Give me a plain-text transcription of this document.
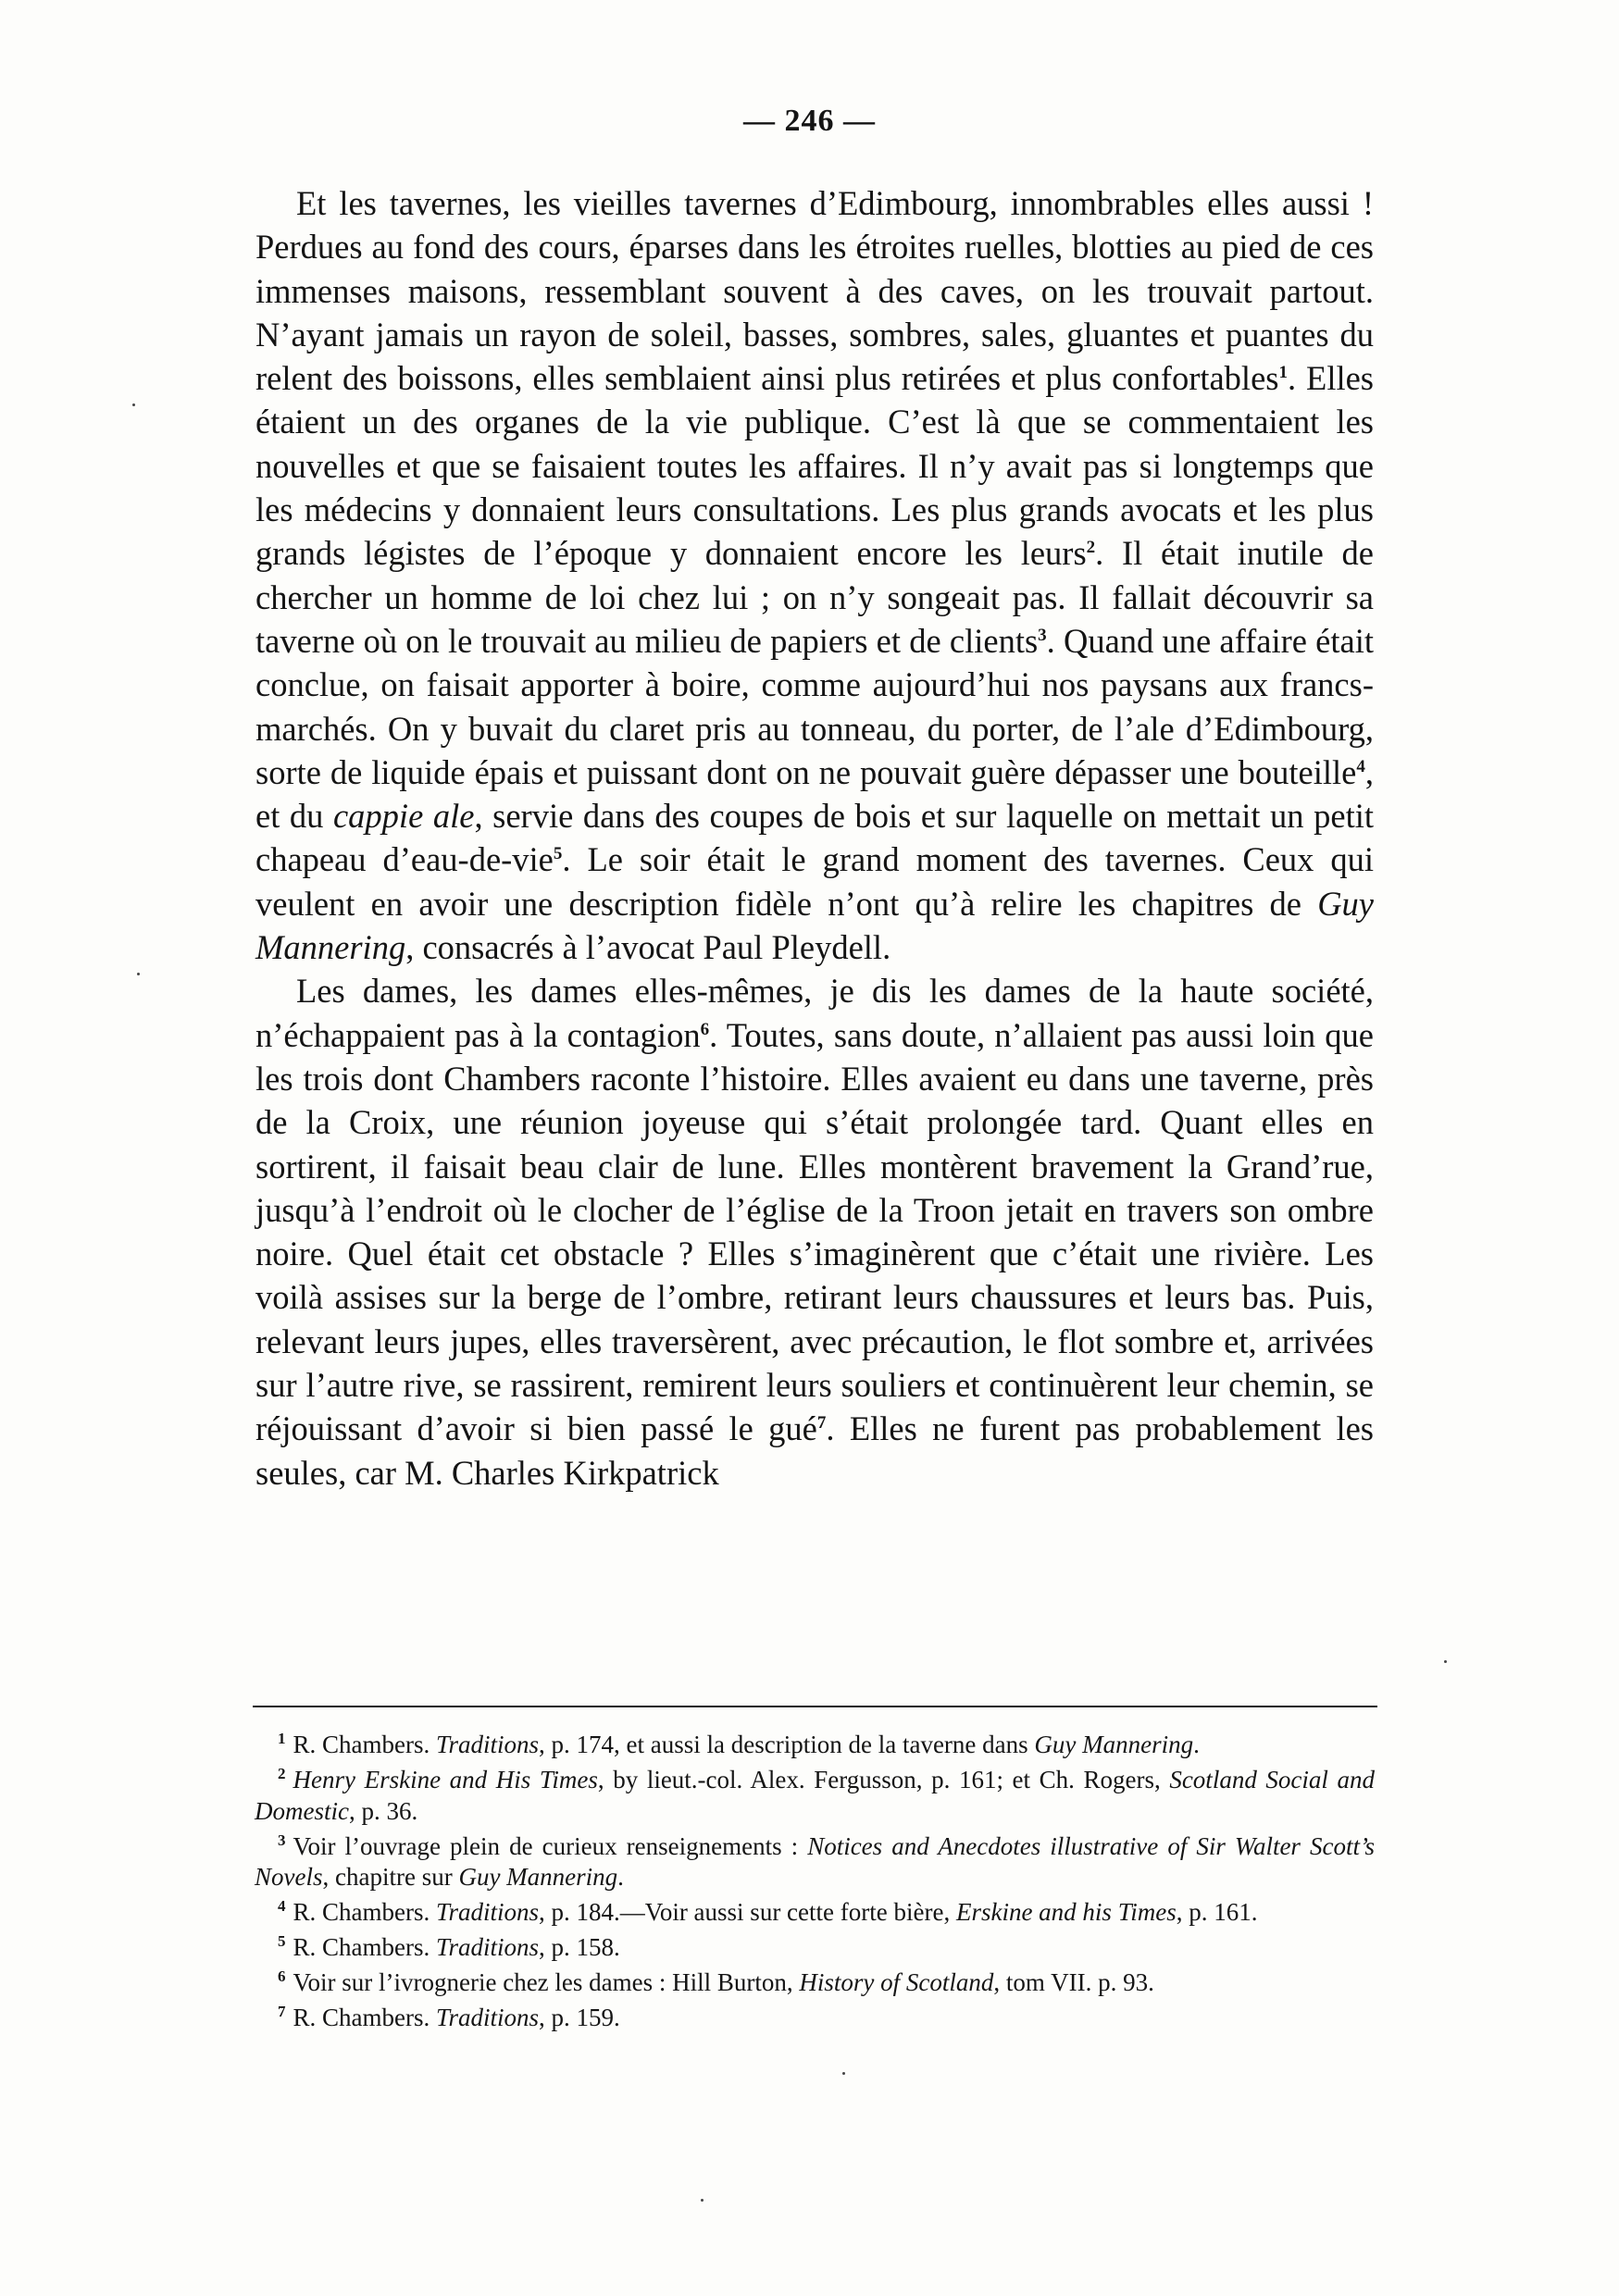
— 246 —

Et les tavernes, les vieilles tavernes d’Edimbourg, innombrables elles aussi ! Perdues au fond des cours, éparses dans les étroites ruelles, blotties au pied de ces immenses maisons, ressemblant souvent à des caves, on les trouvait partout. N’ayant jamais un rayon de soleil, basses, sombres, sales, gluantes et puantes du relent des boissons, elles semblaient ainsi plus retirées et plus confortables$^1$. Elles étaient un des organes de la vie publique. C’est là que se commentaient les nouvelles et que se faisaient toutes les affaires. Il n’y avait pas si longtemps que les médecins y donnaient leurs consultations. Les plus grands avocats et les plus grands légistes de l’époque y donnaient encore les leurs$^2$. Il était inutile de chercher un homme de loi chez lui ; on n’y songeait pas. Il fallait découvrir sa taverne où on le trouvait au milieu de papiers et de clients$^3$. Quand une affaire était conclue, on faisait apporter à boire, comme aujourd’hui nos paysans aux francs-marchés. On y buvait du claret pris au tonneau, du porter, de l’ale d’Edimbourg, sorte de liquide épais et puissant dont on ne pouvait guère dépasser une bouteille$^4$, et du cappie ale, servie dans des coupes de bois et sur laquelle on mettait un petit chapeau d’eau-de-vie$^5$. Le soir était le grand moment des tavernes. Ceux qui veulent en avoir une description fidèle n’ont qu’à relire les chapitres de Guy Mannering, consacrés à l’avocat Paul Pleydell.

Les dames, les dames elles-mêmes, je dis les dames de la haute société, n’échappaient pas à la contagion$^6$. Toutes, sans doute, n’allaient pas aussi loin que les trois dont Chambers raconte l’histoire. Elles avaient eu dans une taverne, près de la Croix, une réunion joyeuse qui s’était prolongée tard. Quant elles en sortirent, il faisait beau clair de lune. Elles montèrent bravement la Grand’rue, jusqu’à l’endroit où le clocher de l’église de la Troon jetait en travers son ombre noire. Quel était cet obstacle ? Elles s’imaginèrent que c’était une rivière. Les voilà assises sur la berge de l’ombre, retirant leurs chaussures et leurs bas. Puis, relevant leurs jupes, elles traversèrent, avec précaution, le flot sombre et, arrivées sur l’autre rive, se rassirent, remirent leurs souliers et continuèrent leur chemin, se réjouissant d’avoir si bien passé le gué$^7$. Elles ne furent pas probablement les seules, car M. Charles Kirkpatrick

$^1$ R. Chambers. Traditions, p. 174, et aussi la description de la taverne dans Guy Mannering.
$^2$ Henry Erskine and His Times, by lieut.-col. Alex. Fergusson, p. 161; et Ch. Rogers, Scotland Social and Domestic, p. 36.
$^3$ Voir l’ouvrage plein de curieux renseignements : Notices and Anecdotes illustrative of Sir Walter Scott’s Novels, chapitre sur Guy Mannering.
$^4$ R. Chambers. Traditions, p. 184.—Voir aussi sur cette forte bière, Erskine and his Times, p. 161.
$^5$ R. Chambers. Traditions, p. 158.
$^6$ Voir sur l’ivrognerie chez les dames : Hill Burton, History of Scotland, tom VII. p. 93.
$^7$ R. Chambers. Traditions, p. 159.
